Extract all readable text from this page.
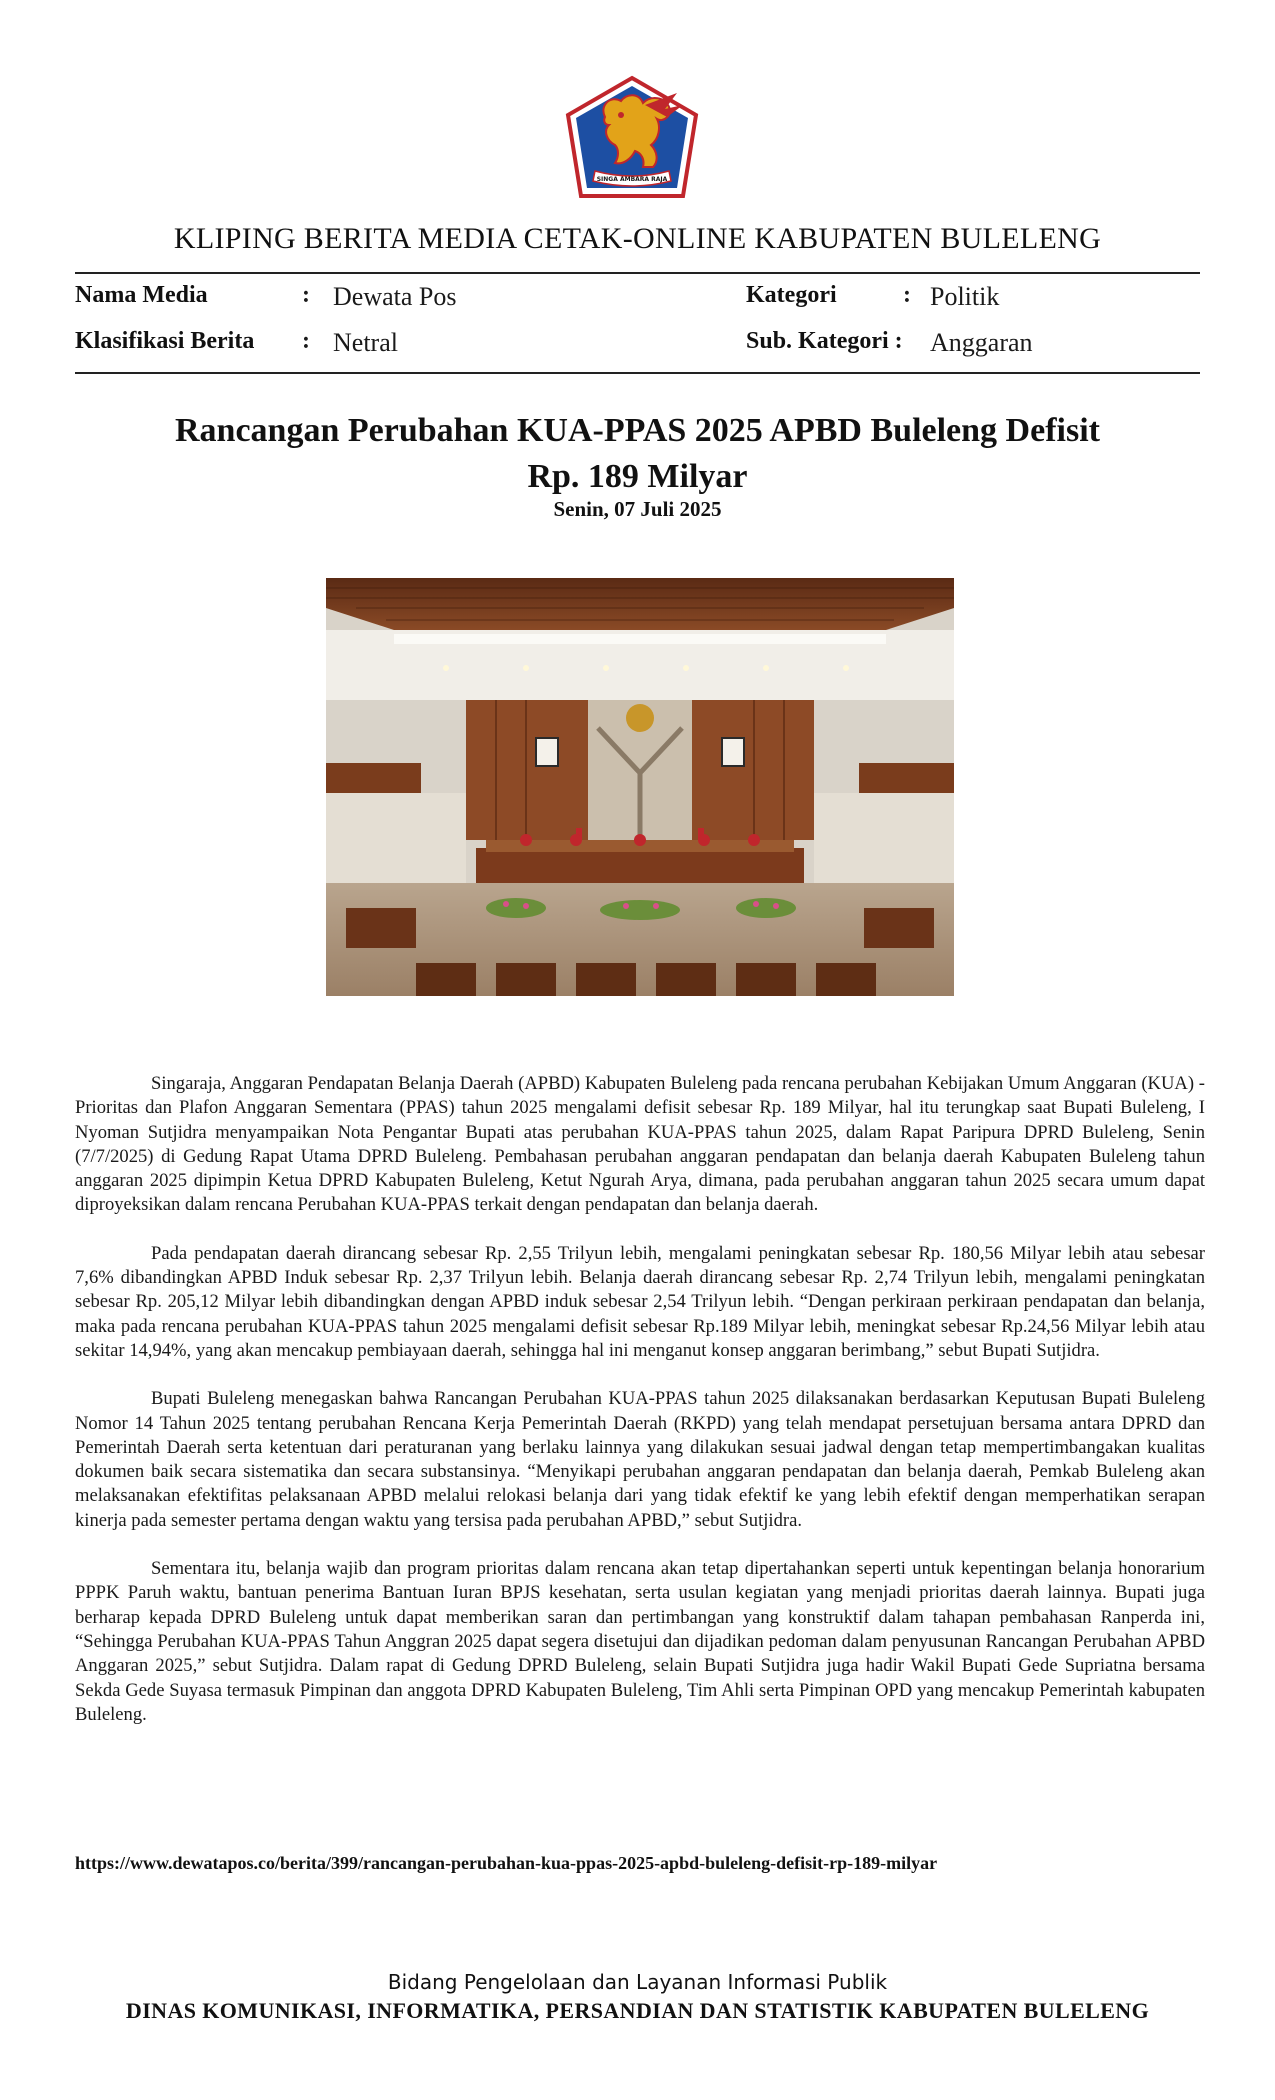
SINGA AMBARA RAJA
KLIPING BERITA MEDIA CETAK-ONLINE KABUPATEN BULELENG
Nama Media	: Dewata Pos	Kategori	: Politik
Klasifikasi Berita : Netral	Sub. Kategori : Anggaran
Rancangan Perubahan KUA-PPAS 2025 APBD Buleleng Defisit
Rp. 189 Milyar
Senin, 07 Juli 2025

Singaraja, Anggaran Pendapatan Belanja Daerah (APBD) Kabupaten Buleleng pada rencana perubahan Kebijakan Umum Anggaran (KUA) - Prioritas dan Plafon Anggaran Sementara (PPAS) tahun 2025 mengalami defisit sebesar Rp. 189 Milyar, hal itu terungkap saat Bupati Buleleng, I Nyoman Sutjidra menyampaikan Nota Pengantar Bupati atas perubahan KUA-PPAS tahun 2025, dalam Rapat Paripura DPRD Buleleng, Senin (7/7/2025) di Gedung Rapat Utama DPRD Buleleng. Pembahasan perubahan anggaran pendapatan dan belanja daerah Kabupaten Buleleng tahun anggaran 2025 dipimpin Ketua DPRD Kabupaten Buleleng, Ketut Ngurah Arya, dimana, pada perubahan anggaran tahun 2025 secara umum dapat diproyeksikan dalam rencana Perubahan KUA-PPAS terkait dengan pendapatan dan belanja daerah.

Pada pendapatan daerah dirancang sebesar Rp. 2,55 Trilyun lebih, mengalami peningkatan sebesar Rp. 180,56 Milyar lebih atau sebesar 7,6% dibandingkan APBD Induk sebesar Rp. 2,37 Trilyun lebih. Belanja daerah dirancang sebesar Rp. 2,74 Trilyun lebih, mengalami peningkatan sebesar Rp. 205,12 Milyar lebih dibandingkan dengan APBD induk sebesar 2,54 Trilyun lebih. “Dengan perkiraan perkiraan pendapatan dan belanja, maka pada rencana perubahan KUA-PPAS tahun 2025 mengalami defisit sebesar Rp.189 Milyar lebih, meningkat sebesar Rp.24,56 Milyar lebih atau sekitar 14,94%, yang akan mencakup pembiayaan daerah, sehingga hal ini menganut konsep anggaran berimbang,” sebut Bupati Sutjidra.

Bupati Buleleng menegaskan bahwa Rancangan Perubahan KUA-PPAS tahun 2025 dilaksanakan berdasarkan Keputusan Bupati Buleleng Nomor 14 Tahun 2025 tentang perubahan Rencana Kerja Pemerintah Daerah (RKPD) yang telah mendapat persetujuan bersama antara DPRD dan Pemerintah Daerah serta ketentuan dari peraturanan yang berlaku lainnya yang dilakukan sesuai jadwal dengan tetap mempertimbangakan kualitas dokumen baik secara sistematika dan secara substansinya. “Menyikapi perubahan anggaran pendapatan dan belanja daerah, Pemkab Buleleng akan melaksanakan efektifitas pelaksanaan APBD melalui relokasi belanja dari yang tidak efektif ke yang lebih efektif dengan memperhatikan serapan kinerja pada semester pertama dengan waktu yang tersisa pada perubahan APBD,” sebut Sutjidra.

Sementara itu, belanja wajib dan program prioritas dalam rencana akan tetap dipertahankan seperti untuk kepentingan belanja honorarium PPPK Paruh waktu, bantuan penerima Bantuan Iuran BPJS kesehatan, serta usulan kegiatan yang menjadi prioritas daerah lainnya. Bupati juga berharap kepada DPRD Buleleng untuk dapat memberikan saran dan pertimbangan yang konstruktif dalam tahapan pembahasan Ranperda ini, “Sehingga Perubahan KUA-PPAS Tahun Anggran 2025 dapat segera disetujui dan dijadikan pedoman dalam penyusunan Rancangan Perubahan APBD Anggaran 2025,” sebut Sutjidra. Dalam rapat di Gedung DPRD Buleleng, selain Bupati Sutjidra juga hadir Wakil Bupati Gede Supriatna bersama Sekda Gede Suyasa termasuk Pimpinan dan anggota DPRD Kabupaten Buleleng, Tim Ahli serta Pimpinan OPD yang mencakup Pemerintah kabupaten Buleleng.

https://www.dewatapos.co/berita/399/rancangan-perubahan-kua-ppas-2025-apbd-buleleng-defisit-rp-189-milyar
Bidang Pengelolaan dan Layanan Informasi Publik
DINAS KOMUNIKASI, INFORMATIKA, PERSANDIAN DAN STATISTIK KABUPATEN BULELENG
